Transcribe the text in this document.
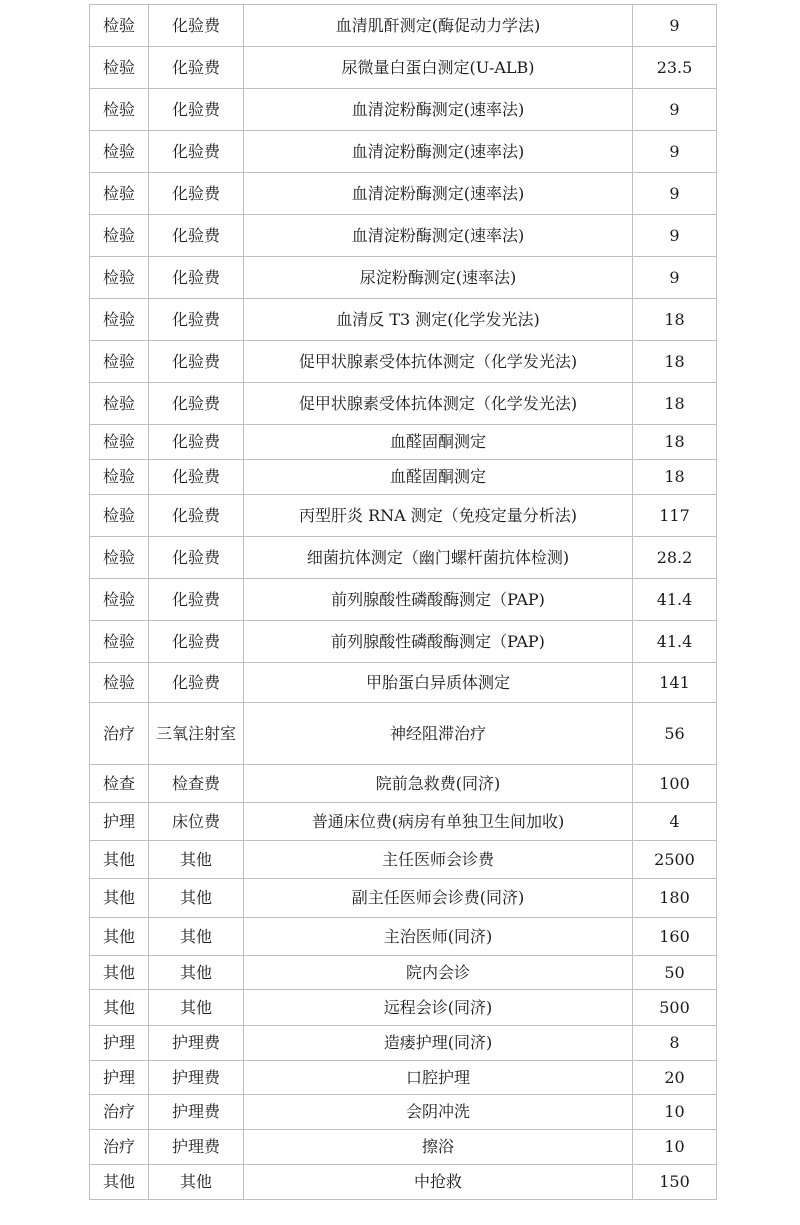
检验	化验费	血清肌酐测定(酶促动力学法)	9
检验	化验费	尿微量白蛋白测定(U-ALB)	23.5
检验	化验费	血清淀粉酶测定(速率法)	9
检验	化验费	血清淀粉酶测定(速率法)	9
检验	化验费	血清淀粉酶测定(速率法)	9
检验	化验费	血清淀粉酶测定(速率法)	9
检验	化验费	尿淀粉酶测定(速率法)	9
检验	化验费	血清反 T3 测定(化学发光法)	18
检验	化验费	促甲状腺素受体抗体测定（化学发光法)	18
检验	化验费	促甲状腺素受体抗体测定（化学发光法)	18
检验	化验费	血醛固酮测定	18
检验	化验费	血醛固酮测定	18
检验	化验费	丙型肝炎 RNA 测定（免疫定量分析法)	117
检验	化验费	细菌抗体测定（幽门螺杆菌抗体检测)	28.2
检验	化验费	前列腺酸性磷酸酶测定（PAP)	41.4
检验	化验费	前列腺酸性磷酸酶测定（PAP)	41.4
检验	化验费	甲胎蛋白异质体测定	141
治疗	三氧注射室	神经阻滞治疗	56
检查	检查费	院前急救费(同济)	100
护理	床位费	普通床位费(病房有单独卫生间加收)	4
其他	其他	主任医师会诊费	2500
其他	其他	副主任医师会诊费(同济)	180
其他	其他	主治医师(同济)	160
其他	其他	院内会诊	50
其他	其他	远程会诊(同济)	500
护理	护理费	造瘘护理(同济)	8
护理	护理费	口腔护理	20
治疗	护理费	会阴冲洗	10
治疗	护理费	擦浴	10
其他	其他	中抢救	150
